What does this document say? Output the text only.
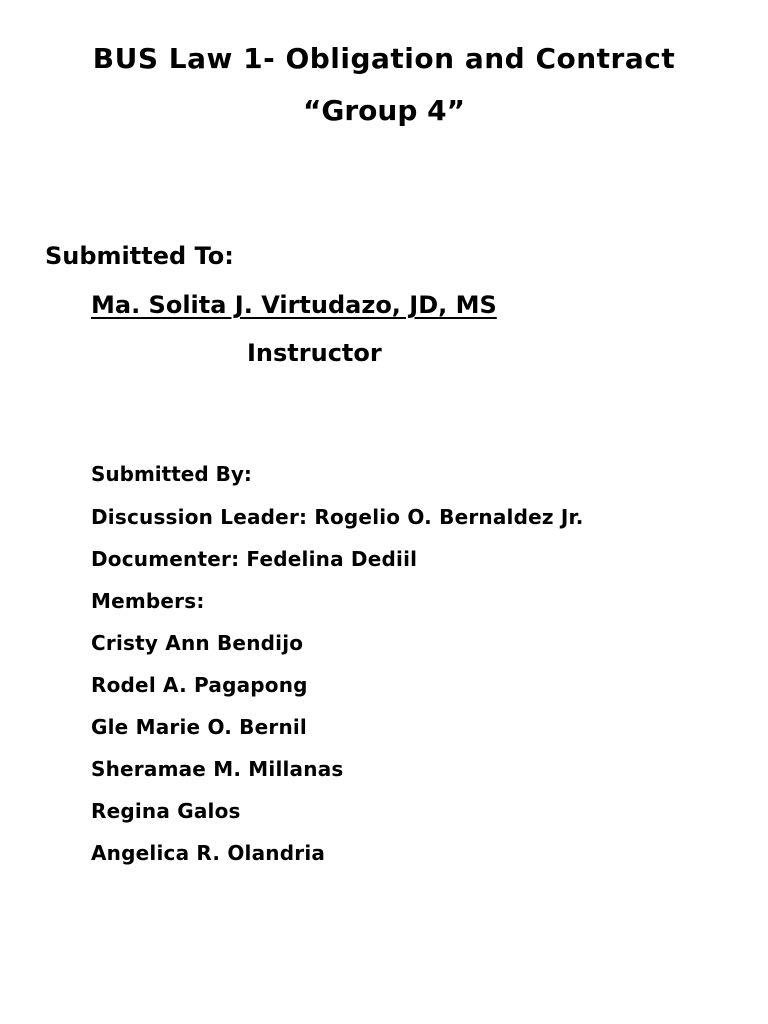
BUS Law 1- Obligation and Contract

“Group 4”

Submitted To:

Ma. Solita J. Virtudazo, JD, MS

Instructor

Submitted By:

Discussion Leader: Rogelio O. Bernaldez Jr.

Documenter: Fedelina Dediil

Members:

Cristy Ann Bendijo

Rodel A. Pagapong

Gle Marie O. Bernil

Sheramae M. Millanas

Regina Galos

Angelica R. Olandria
